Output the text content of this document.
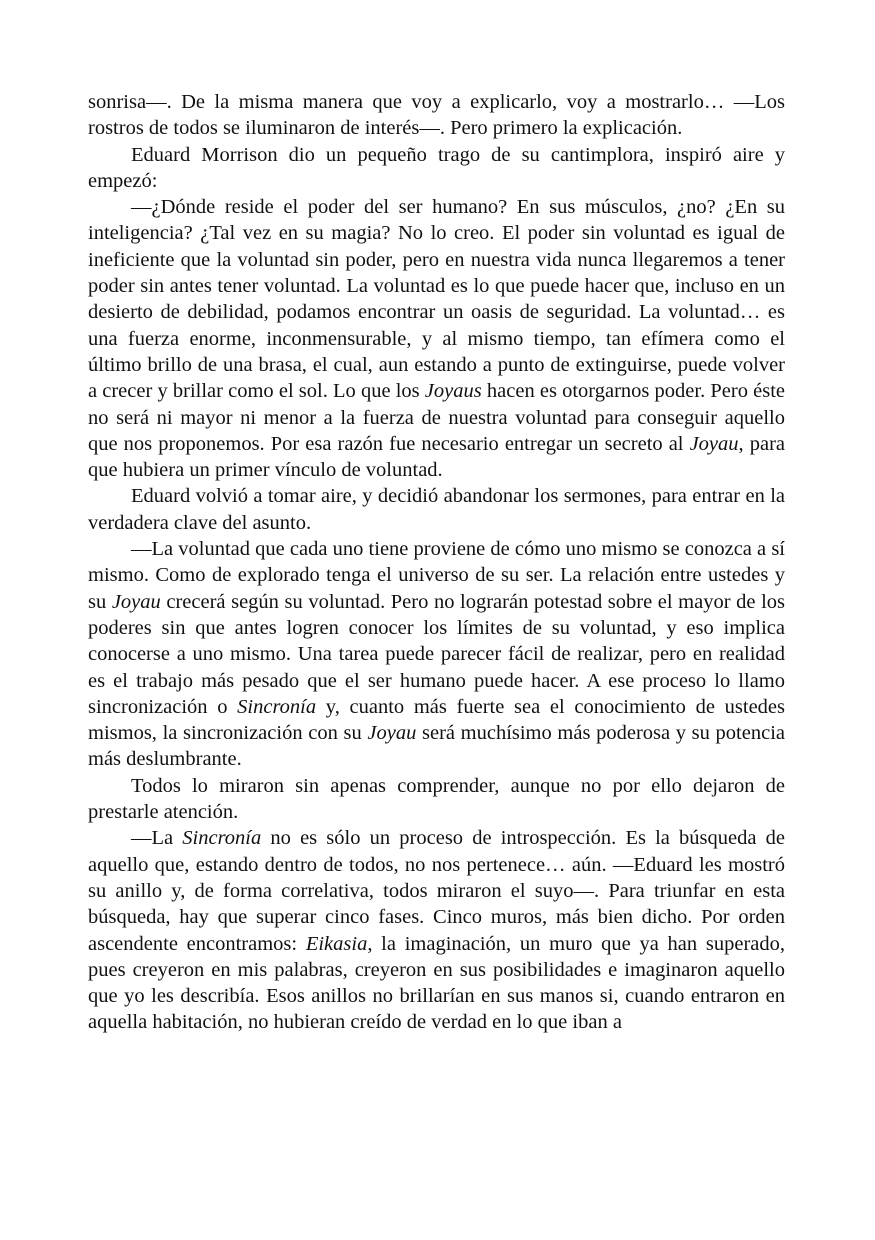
sonrisa—. De la misma manera que voy a explicarlo, voy a mostrarlo… —Los rostros de todos se iluminaron de interés—. Pero primero la explicación.

Eduard Morrison dio un pequeño trago de su cantimplora, inspiró aire y empezó:

—¿Dónde reside el poder del ser humano? En sus músculos, ¿no? ¿En su inteligencia? ¿Tal vez en su magia? No lo creo. El poder sin voluntad es igual de ineficiente que la voluntad sin poder, pero en nuestra vida nunca llegaremos a tener poder sin antes tener voluntad. La voluntad es lo que puede hacer que, incluso en un desierto de debilidad, podamos encontrar un oasis de seguridad. La voluntad… es una fuerza enorme, inconmensurable, y al mismo tiempo, tan efímera como el último brillo de una brasa, el cual, aun estando a punto de extinguirse, puede volver a crecer y brillar como el sol. Lo que los Joyaus hacen es otorgarnos poder. Pero éste no será ni mayor ni menor a la fuerza de nuestra voluntad para conseguir aquello que nos proponemos. Por esa razón fue necesario entregar un secreto al Joyau, para que hubiera un primer vínculo de voluntad.

Eduard volvió a tomar aire, y decidió abandonar los sermones, para entrar en la verdadera clave del asunto.

—La voluntad que cada uno tiene proviene de cómo uno mismo se conozca a sí mismo. Como de explorado tenga el universo de su ser. La relación entre ustedes y su Joyau crecerá según su voluntad. Pero no lograrán potestad sobre el mayor de los poderes sin que antes logren conocer los límites de su voluntad, y eso implica conocerse a uno mismo. Una tarea puede parecer fácil de realizar, pero en realidad es el trabajo más pesado que el ser humano puede hacer. A ese proceso lo llamo sincronización o Sincronía y, cuanto más fuerte sea el conocimiento de ustedes mismos, la sincronización con su Joyau será muchísimo más poderosa y su potencia más deslumbrante.

Todos lo miraron sin apenas comprender, aunque no por ello dejaron de prestarle atención.

—La Sincronía no es sólo un proceso de introspección. Es la búsqueda de aquello que, estando dentro de todos, no nos pertenece… aún. —Eduard les mostró su anillo y, de forma correlativa, todos miraron el suyo—. Para triunfar en esta búsqueda, hay que superar cinco fases. Cinco muros, más bien dicho. Por orden ascendente encontramos: Eikasia, la imaginación, un muro que ya han superado, pues creyeron en mis palabras, creyeron en sus posibilidades e imaginaron aquello que yo les describía. Esos anillos no brillarían en sus manos si, cuando entraron en aquella habitación, no hubieran creído de verdad en lo que iban a
